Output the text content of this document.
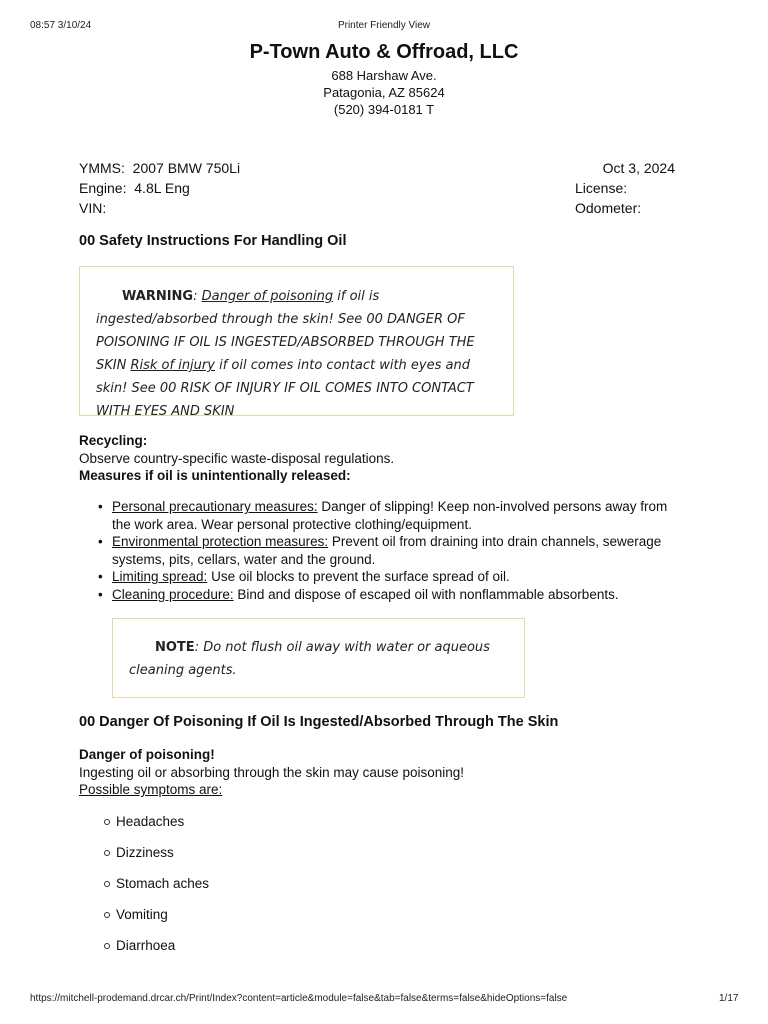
08:57 3/10/24	Printer Friendly View
P-Town Auto & Offroad, LLC
688 Harshaw Ave.
Patagonia, AZ 85624
(520) 394-0181 T
YMMS: 2007 BMW 750Li
Engine: 4.8L Eng
VIN:
Oct 3, 2024
License:
Odometer:
00 Safety Instructions For Handling Oil
WARNING: Danger of poisoning if oil is ingested/absorbed through the skin! See 00 DANGER OF POISONING IF OIL IS INGESTED/ABSORBED THROUGH THE SKIN Risk of injury if oil comes into contact with eyes and skin! See 00 RISK OF INJURY IF OIL COMES INTO CONTACT WITH EYES AND SKIN
Recycling:
Observe country-specific waste-disposal regulations.
Measures if oil is unintentionally released:
• Personal precautionary measures: Danger of slipping! Keep non-involved persons away from the work area. Wear personal protective clothing/equipment.
• Environmental protection measures: Prevent oil from draining into drain channels, sewerage systems, pits, cellars, water and the ground.
• Limiting spread: Use oil blocks to prevent the surface spread of oil.
• Cleaning procedure: Bind and dispose of escaped oil with nonflammable absorbents.
NOTE: Do not flush oil away with water or aqueous cleaning agents.
00 Danger Of Poisoning If Oil Is Ingested/Absorbed Through The Skin
Danger of poisoning!
Ingesting oil or absorbing through the skin may cause poisoning!
Possible symptoms are:
Headaches
Dizziness
Stomach aches
Vomiting
Diarrhoea
https://mitchell-prodemand.drcar.ch/Print/Index?content=article&module=false&tab=false&terms=false&hideOptions=false	1/17
